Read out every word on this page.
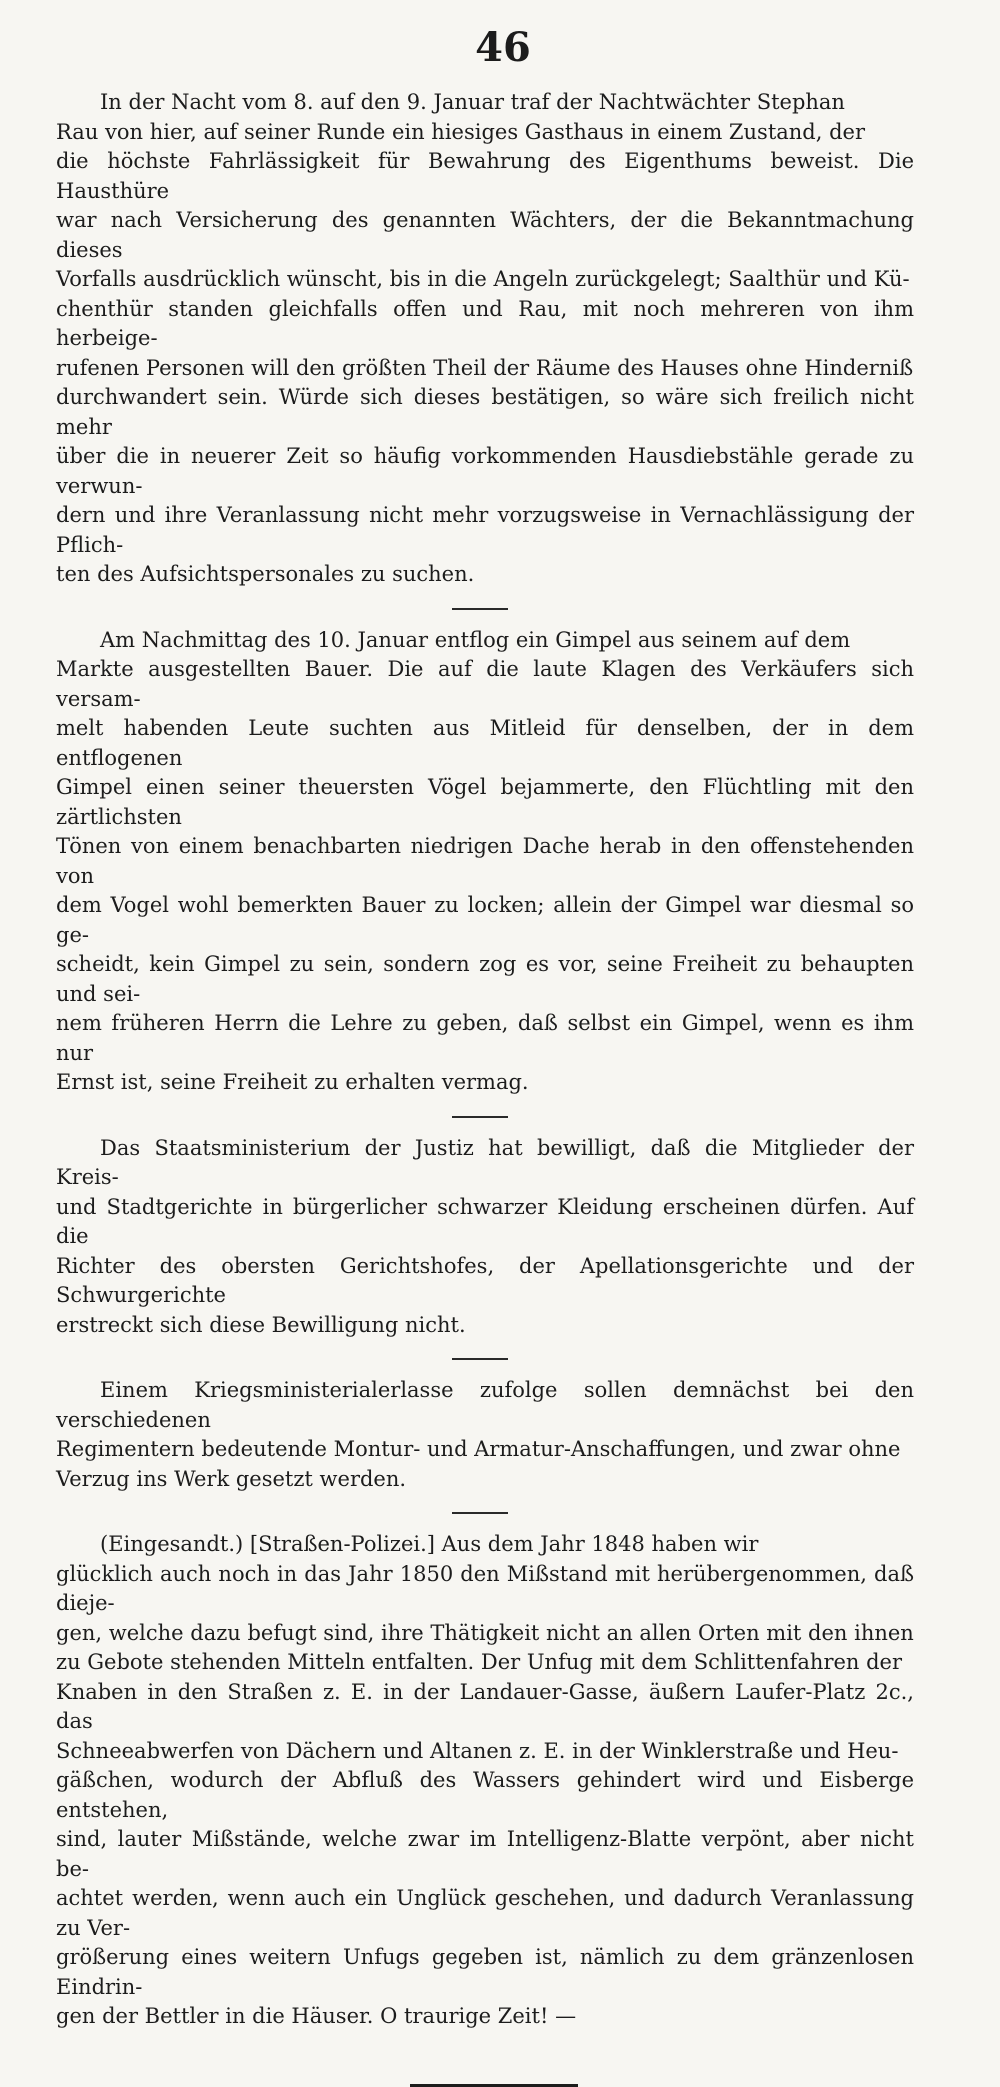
46
In der Nacht vom 8. auf den 9. Januar traf der Nachtwächter Stephan
Rau von hier, auf seiner Runde ein hiesiges Gasthaus in einem Zustand, der
die höchste Fahrlässigkeit für Bewahrung des Eigenthums beweist. Die Hausthüre
war nach Versicherung des genannten Wächters, der die Bekanntmachung dieses
Vorfalls ausdrücklich wünscht, bis in die Angeln zurückgelegt; Saalthür und Kü-
chenthür standen gleichfalls offen und Rau, mit noch mehreren von ihm herbeige-
rufenen Personen will den größten Theil der Räume des Hauses ohne Hinderniß
durchwandert sein. Würde sich dieses bestätigen, so wäre sich freilich nicht mehr
über die in neuerer Zeit so häufig vorkommenden Hausdiebstähle gerade zu verwun-
dern und ihre Veranlassung nicht mehr vorzugsweise in Vernachlässigung der Pflich-
ten des Aufsichtspersonales zu suchen.
Am Nachmittag des 10. Januar entflog ein Gimpel aus seinem auf dem
Markte ausgestellten Bauer. Die auf die laute Klagen des Verkäufers sich versam-
melt habenden Leute suchten aus Mitleid für denselben, der in dem entflogenen
Gimpel einen seiner theuersten Vögel bejammerte, den Flüchtling mit den zärtlichsten
Tönen von einem benachbarten niedrigen Dache herab in den offenstehenden von
dem Vogel wohl bemerkten Bauer zu locken; allein der Gimpel war diesmal so ge-
scheidt, kein Gimpel zu sein, sondern zog es vor, seine Freiheit zu behaupten und sei-
nem früheren Herrn die Lehre zu geben, daß selbst ein Gimpel, wenn es ihm nur
Ernst ist, seine Freiheit zu erhalten vermag.
Das Staatsministerium der Justiz hat bewilligt, daß die Mitglieder der Kreis-
und Stadtgerichte in bürgerlicher schwarzer Kleidung erscheinen dürfen. Auf die
Richter des obersten Gerichtshofes, der Apellationsgerichte und der Schwurgerichte
erstreckt sich diese Bewilligung nicht.
Einem Kriegsministerialerlasse zufolge sollen demnächst bei den verschiedenen
Regimentern bedeutende Montur- und Armatur-Anschaffungen, und zwar ohne
Verzug ins Werk gesetzt werden.
(Eingesandt.) [Straßen-Polizei.] Aus dem Jahr 1848 haben wir
glücklich auch noch in das Jahr 1850 den Mißstand mit herübergenommen, daß dieje-
gen, welche dazu befugt sind, ihre Thätigkeit nicht an allen Orten mit den ihnen
zu Gebote stehenden Mitteln entfalten. Der Unfug mit dem Schlittenfahren der
Knaben in den Straßen z. E. in der Landauer-Gasse, äußern Laufer-Platz 2c., das
Schneeabwerfen von Dächern und Altanen z. E. in der Winklerstraße und Heu-
gäßchen, wodurch der Abfluß des Wassers gehindert wird und Eisberge entstehen,
sind, lauter Mißstände, welche zwar im Intelligenz-Blatte verpönt, aber nicht be-
achtet werden, wenn auch ein Unglück geschehen, und dadurch Veranlassung zu Ver-
größerung eines weitern Unfugs gegeben ist, nämlich zu dem gränzenlosen Eindrin-
gen der Bettler in die Häuser. O traurige Zeit! —
